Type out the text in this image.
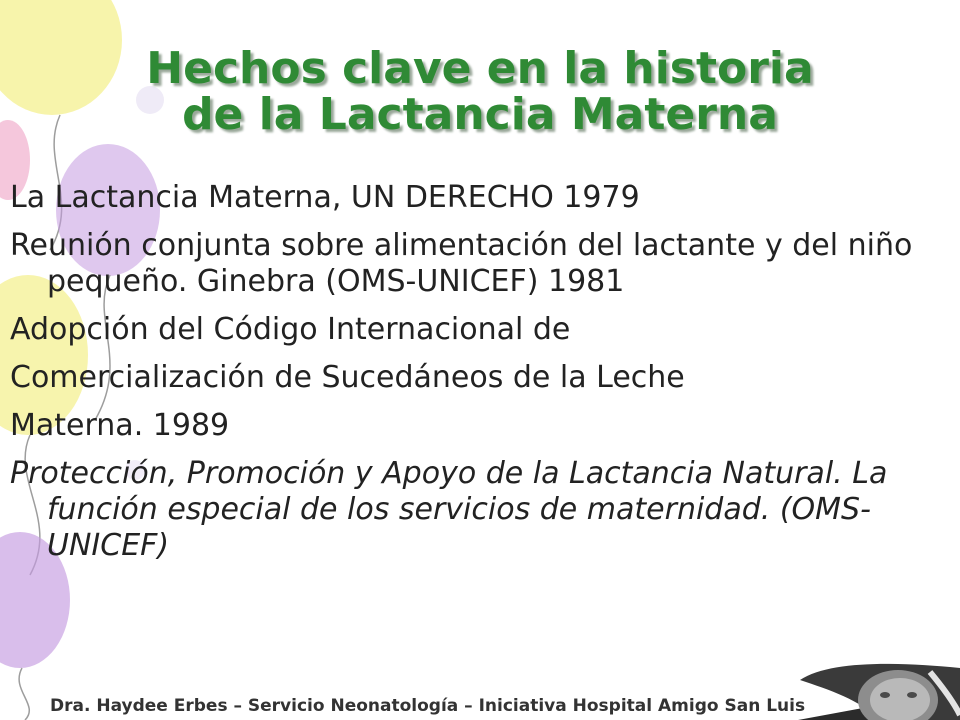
Hechos clave en la historia
de la Lactancia Materna

La Lactancia Materna, UN DERECHO 1979

Reunión conjunta sobre alimentación del lactante y del niño pequeño. Ginebra (OMS-UNICEF) 1981

Adopción del Código Internacional de

Comercialización de Sucedáneos de la Leche

Materna. 1989

Protección, Promoción y Apoyo de la Lactancia Natural. La función especial de los servicios de maternidad. (OMS-UNICEF)

Dra. Haydee Erbes – Servicio Neonatología – Iniciativa Hospital Amigo San Luis
